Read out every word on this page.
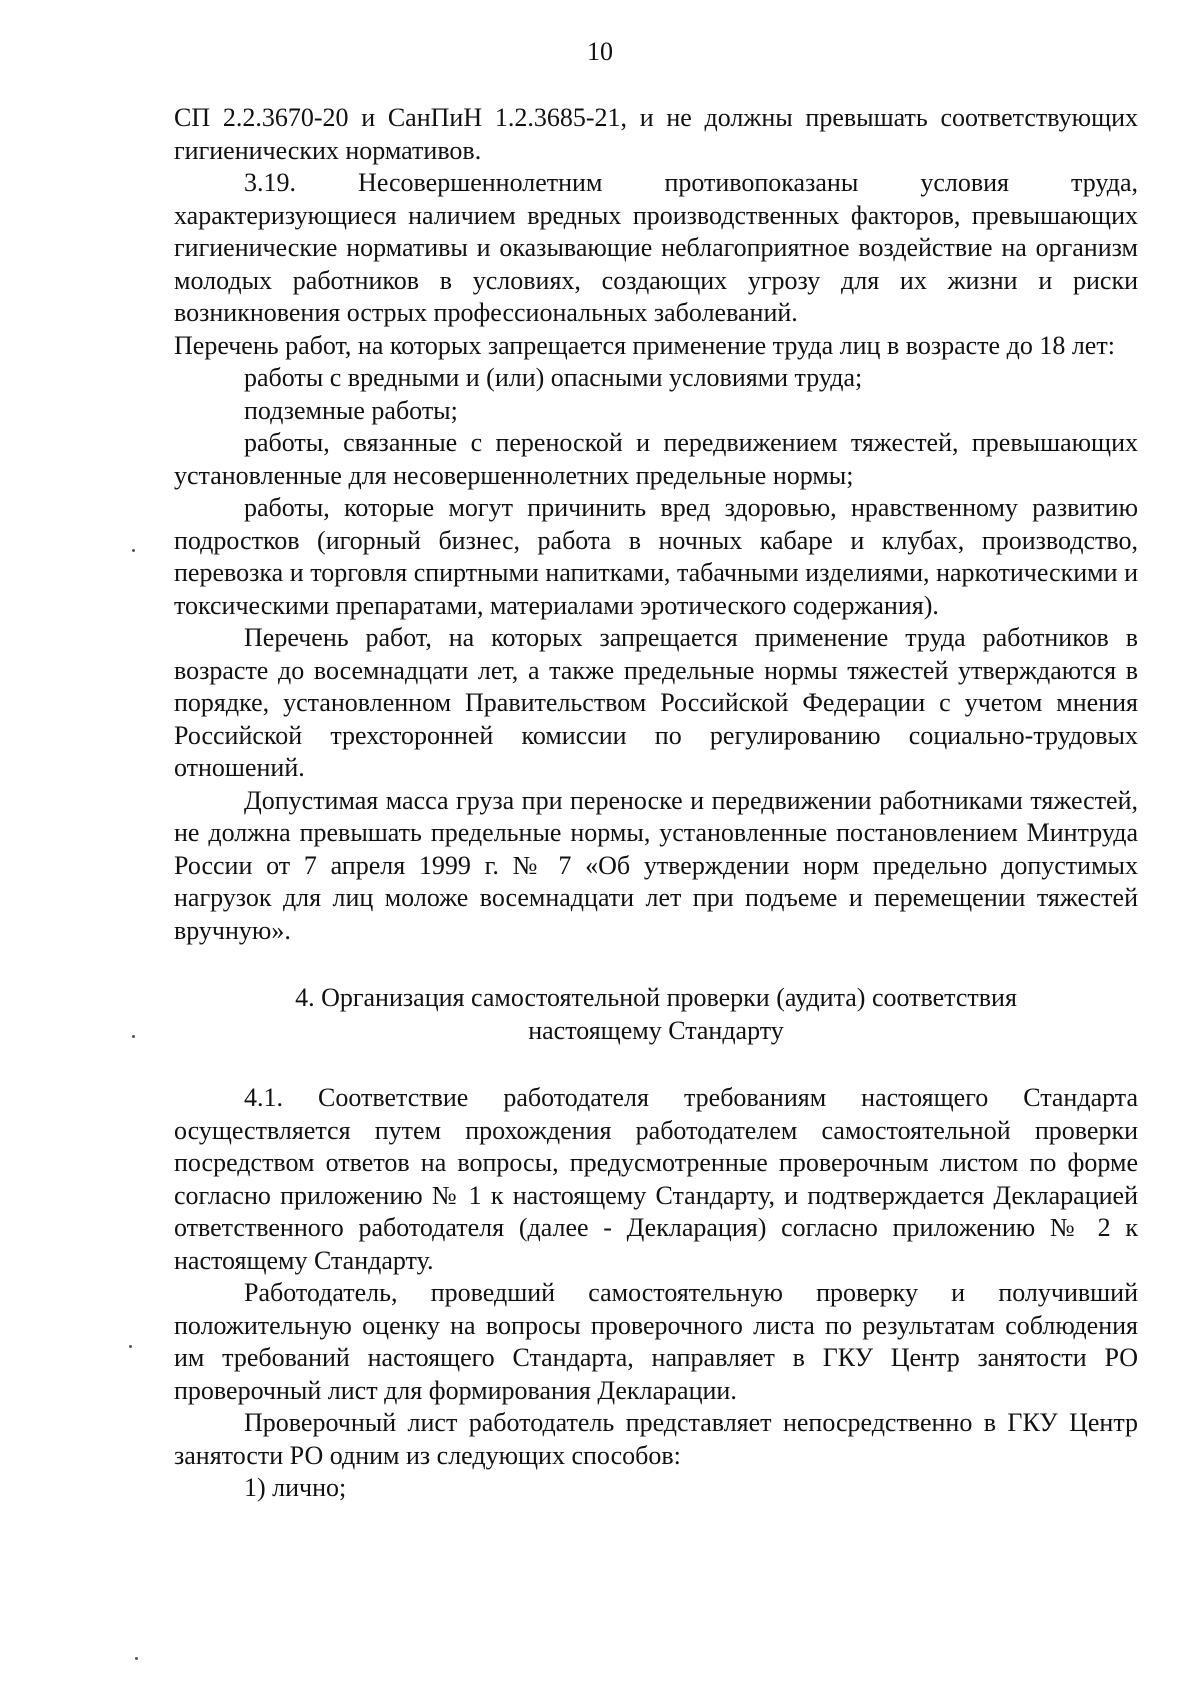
10

СП 2.2.3670-20 и СанПиН 1.2.3685-21, и не должны превышать соответствующих гигиенических нормативов.

3.19. Несовершеннолетним противопоказаны условия труда, характеризующиеся наличием вредных производственных факторов, превышающих гигиенические нормативы и оказывающие неблагоприятное воздействие на организм молодых работников в условиях, создающих угрозу для их жизни и риски возникновения острых профессиональных заболеваний.

Перечень работ, на которых запрещается применение труда лиц в возрасте до 18 лет:

работы с вредными и (или) опасными условиями труда;

подземные работы;

работы, связанные с переноской и передвижением тяжестей, превышающих установленные для несовершеннолетних предельные нормы;

работы, которые могут причинить вред здоровью, нравственному развитию подростков (игорный бизнес, работа в ночных кабаре и клубах, производство, перевозка и торговля спиртными напитками, табачными изделиями, наркотическими и токсическими препаратами, материалами эротического содержания).

Перечень работ, на которых запрещается применение труда работников в возрасте до восемнадцати лет, а также предельные нормы тяжестей утверждаются в порядке, установленном Правительством Российской Федерации с учетом мнения Российской трехсторонней комиссии по регулированию социально-трудовых отношений.

Допустимая масса груза при переноске и передвижении работниками тяжестей, не должна превышать предельные нормы, установленные постановлением Минтруда России от 7 апреля 1999 г. № 7 «Об утверждении норм предельно допустимых нагрузок для лиц моложе восемнадцати лет при подъеме и перемещении тяжестей вручную».

4. Организация самостоятельной проверки (аудита) соответствия
настоящему Стандарту

4.1. Соответствие работодателя требованиям настоящего Стандарта осуществляется путем прохождения работодателем самостоятельной проверки посредством ответов на вопросы, предусмотренные проверочным листом по форме согласно приложению № 1 к настоящему Стандарту, и подтверждается Декларацией ответственного работодателя (далее - Декларация) согласно приложению № 2 к настоящему Стандарту.

Работодатель, проведший самостоятельную проверку и получивший положительную оценку на вопросы проверочного листа по результатам соблюдения им требований настоящего Стандарта, направляет в ГКУ Центр занятости РО проверочный лист для формирования Декларации.

Проверочный лист работодатель представляет непосредственно в ГКУ Центр занятости РО одним из следующих способов:

1) лично;
